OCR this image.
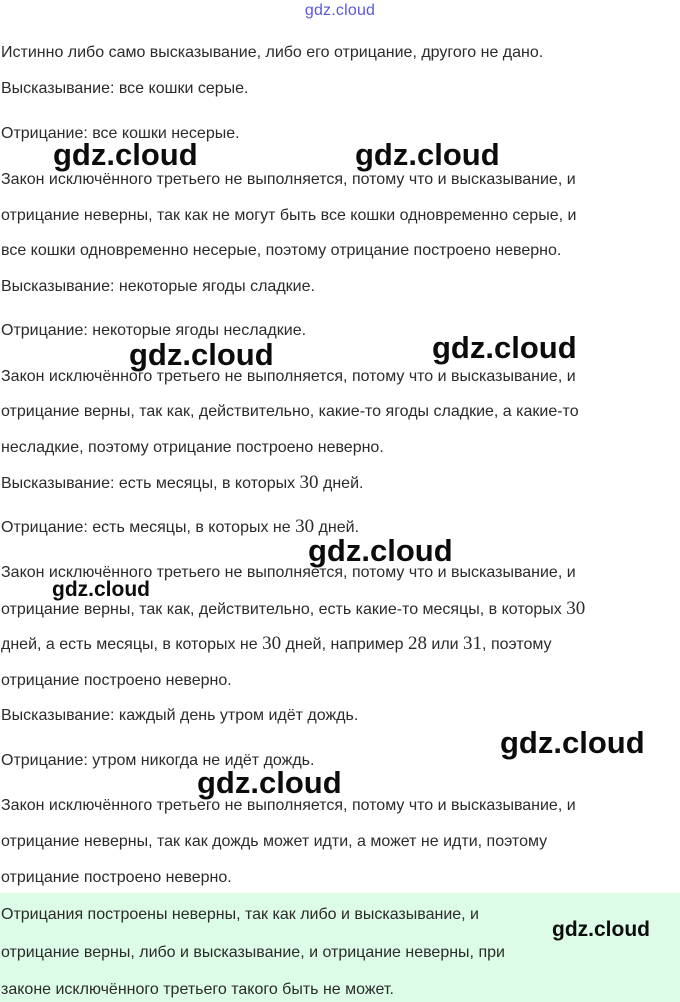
gdz.cloud
Истинно либо само высказывание, либо его отрицание, другого не дано.
Высказывание: все кошки серые.
Отрицание: все кошки несерые.
Закон исключённого третьего не выполняется, потому что и высказывание, и
отрицание неверны, так как не могут быть все кошки одновременно серые, и
все кошки одновременно несерые, поэтому отрицание построено неверно.
Высказывание: некоторые ягоды сладкие.
Отрицание: некоторые ягоды несладкие.
Закон исключённого третьего не выполняется, потому что и высказывание, и
отрицание верны, так как, действительно, какие-то ягоды сладкие, а какие-то
несладкие, поэтому отрицание построено неверно.
Высказывание: есть месяцы, в которых 30 дней.
Отрицание: есть месяцы, в которых не 30 дней.
Закон исключённого третьего не выполняется, потому что и высказывание, и
отрицание верны, так как, действительно, есть какие-то месяцы, в которых 30
дней, а есть месяцы, в которых не 30 дней, например 28 или 31, поэтому
отрицание построено неверно.
Высказывание: каждый день утром идёт дождь.
Отрицание: утром никогда не идёт дождь.
Закон исключённого третьего не выполняется, потому что и высказывание, и
отрицание неверны, так как дождь может идти, а может не идти, поэтому
отрицание построено неверно.
Отрицания построены неверны, так как либо и высказывание, и
отрицание верны, либо и высказывание, и отрицание неверны, при
законе исключённого третьего такого быть не может.
gdz.cloud	gdz.cloud
gdz.cloud	gdz.cloud
gdz.cloud
gdz.cloud
gdz.cloud
gdz.cloud
gdz.cloud
